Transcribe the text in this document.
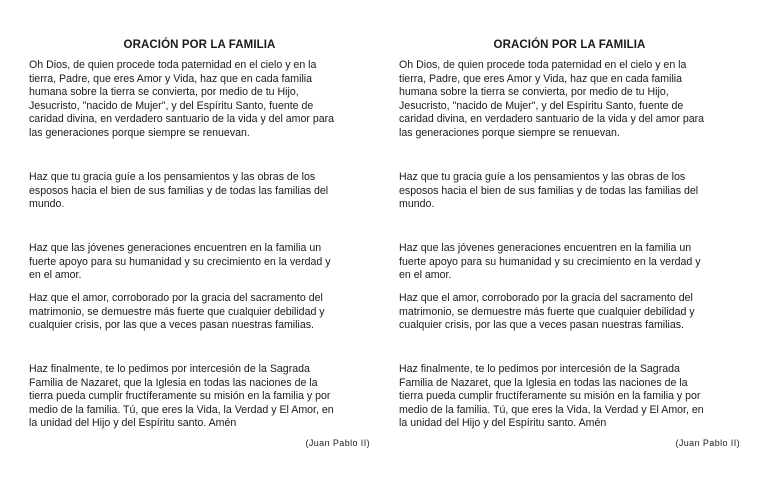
ORACIÓN POR LA FAMILIA

Oh Dios, de quien procede toda paternidad en el cielo y en la
tierra, Padre, que eres Amor y Vida, haz que en cada familia
humana sobre la tierra se convierta, por medio de tu Hijo,
Jesucristo, "nacido de Mujer", y del Espíritu Santo, fuente de
caridad divina, en verdadero santuario de la vida y del amor para
las generaciones porque siempre se renuevan.

Haz que tu gracia guíe a los pensamientos y las obras de los
esposos hacia el bien de sus familias y de todas las familias del
mundo.

Haz que las jóvenes generaciones encuentren en la familia un
fuerte apoyo para su humanidad y su crecimiento en la verdad y
en el amor.

Haz que el amor, corroborado por la gracia del sacramento del
matrimonio, se demuestre más fuerte que cualquier debilidad y
cualquier crisis, por las que a veces pasan nuestras familias.

Haz finalmente, te lo pedimos por intercesión de la Sagrada
Familia de Nazaret, que la Iglesia en todas las naciones de la
tierra pueda cumplir fructíferamente su misión en la familia y por
medio de la familia. Tú, que eres la Vida, la Verdad y El Amor, en
la unidad del Hijo y del Espíritu santo. Amén

(Juan Pablo II)

ORACIÓN POR LA FAMILIA

Oh Dios, de quien procede toda paternidad en el cielo y en la
tierra, Padre, que eres Amor y Vida, haz que en cada familia
humana sobre la tierra se convierta, por medio de tu Hijo,
Jesucristo, "nacido de Mujer", y del Espíritu Santo, fuente de
caridad divina, en verdadero santuario de la vida y del amor para
las generaciones porque siempre se renuevan.

Haz que tu gracia guíe a los pensamientos y las obras de los
esposos hacia el bien de sus familias y de todas las familias del
mundo.

Haz que las jóvenes generaciones encuentren en la familia un
fuerte apoyo para su humanidad y su crecimiento en la verdad y
en el amor.

Haz que el amor, corroborado por la gracia del sacramento del
matrimonio, se demuestre más fuerte que cualquier debilidad y
cualquier crisis, por las que a veces pasan nuestras familias.

Haz finalmente, te lo pedimos por intercesión de la Sagrada
Familia de Nazaret, que la Iglesia en todas las naciones de la
tierra pueda cumplir fructíferamente su misión en la familia y por
medio de la familia. Tú, que eres la Vida, la Verdad y El Amor, en
la unidad del Hijo y del Espíritu santo. Amén

(Juan Pablo II)
